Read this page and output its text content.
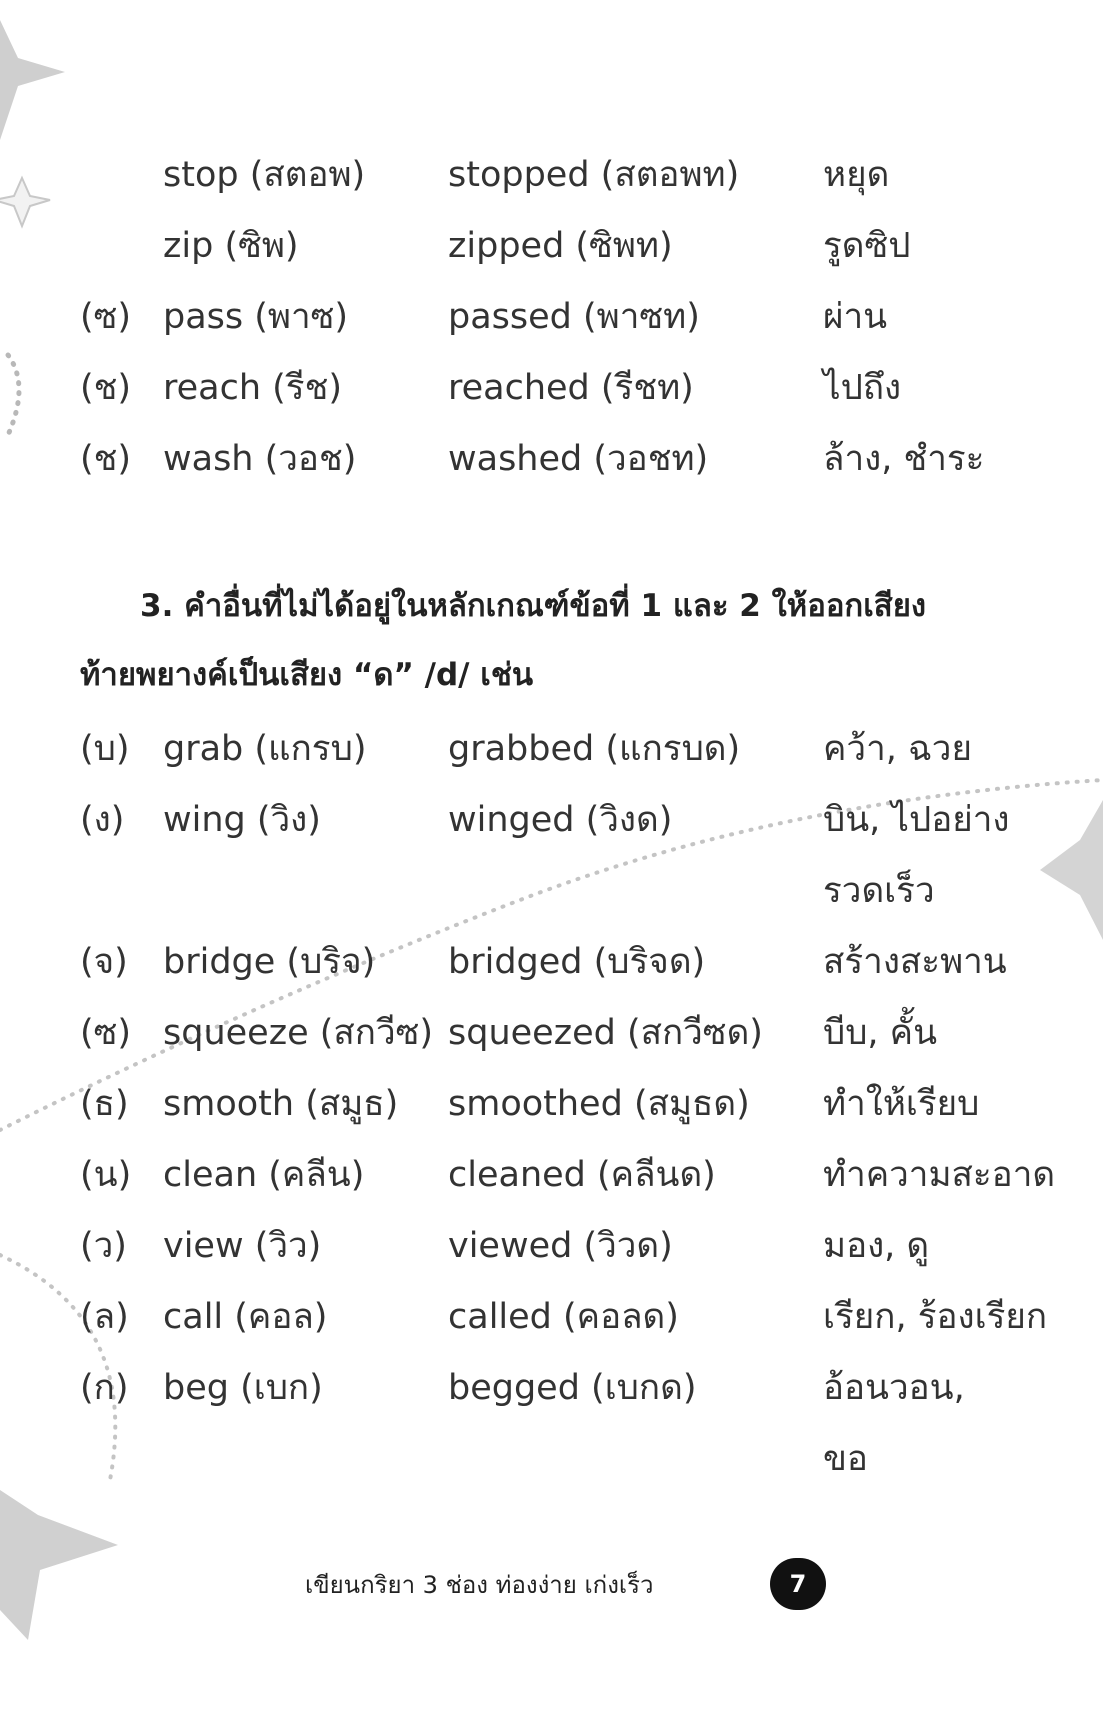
stop (สตอพ) stopped (สตอพท) หยุด
zip (ซิพ)	zipped (ซิพท)	รูดซิป
(ซ) pass (พาซ)	passed (พาซท)	ผ่าน
(ช) reach (รีช)	reached (รีชท)	ไปถึง
(ช) wash (วอช)	washed (วอชท)	ล้าง, ชำระ
3. คำอื่นที่ไม่ได้อยู่ในหลักเกณฑ์ข้อที่ 1 และ 2 ให้ออกเสียง
ท้ายพยางค์เป็นเสียง “ด” /d/ เช่น
(บ) grab (แกรบ) grabbed (แกรบด) คว้า, ฉวย
(ง) wing (วิง)	winged (วิงด)	บิน, ไปอย่าง
รวดเร็ว
(จ) bridge (บริจ) bridged (บริจด)	สร้างสะพาน
(ซ) squeeze (สกวีซ) squeezed (สกวีซด) บีบ, คั้น
(ธ) smooth (สมูธ) smoothed (สมูธด) ทำให้เรียบ
(น) clean (คลีน) cleaned (คลีนด)	ทำความสะอาด
(ว) view (วิว)	viewed (วิวด)	มอง, ดู
(ล) call (คอล)	called (คอลด)	เรียก, ร้องเรียก
(ก) beg (เบก)	begged (เบกด)	อ้อนวอน,
ขอ
เขียนกริยา 3 ช่อง ท่องง่าย เก่งเร็ว	7
